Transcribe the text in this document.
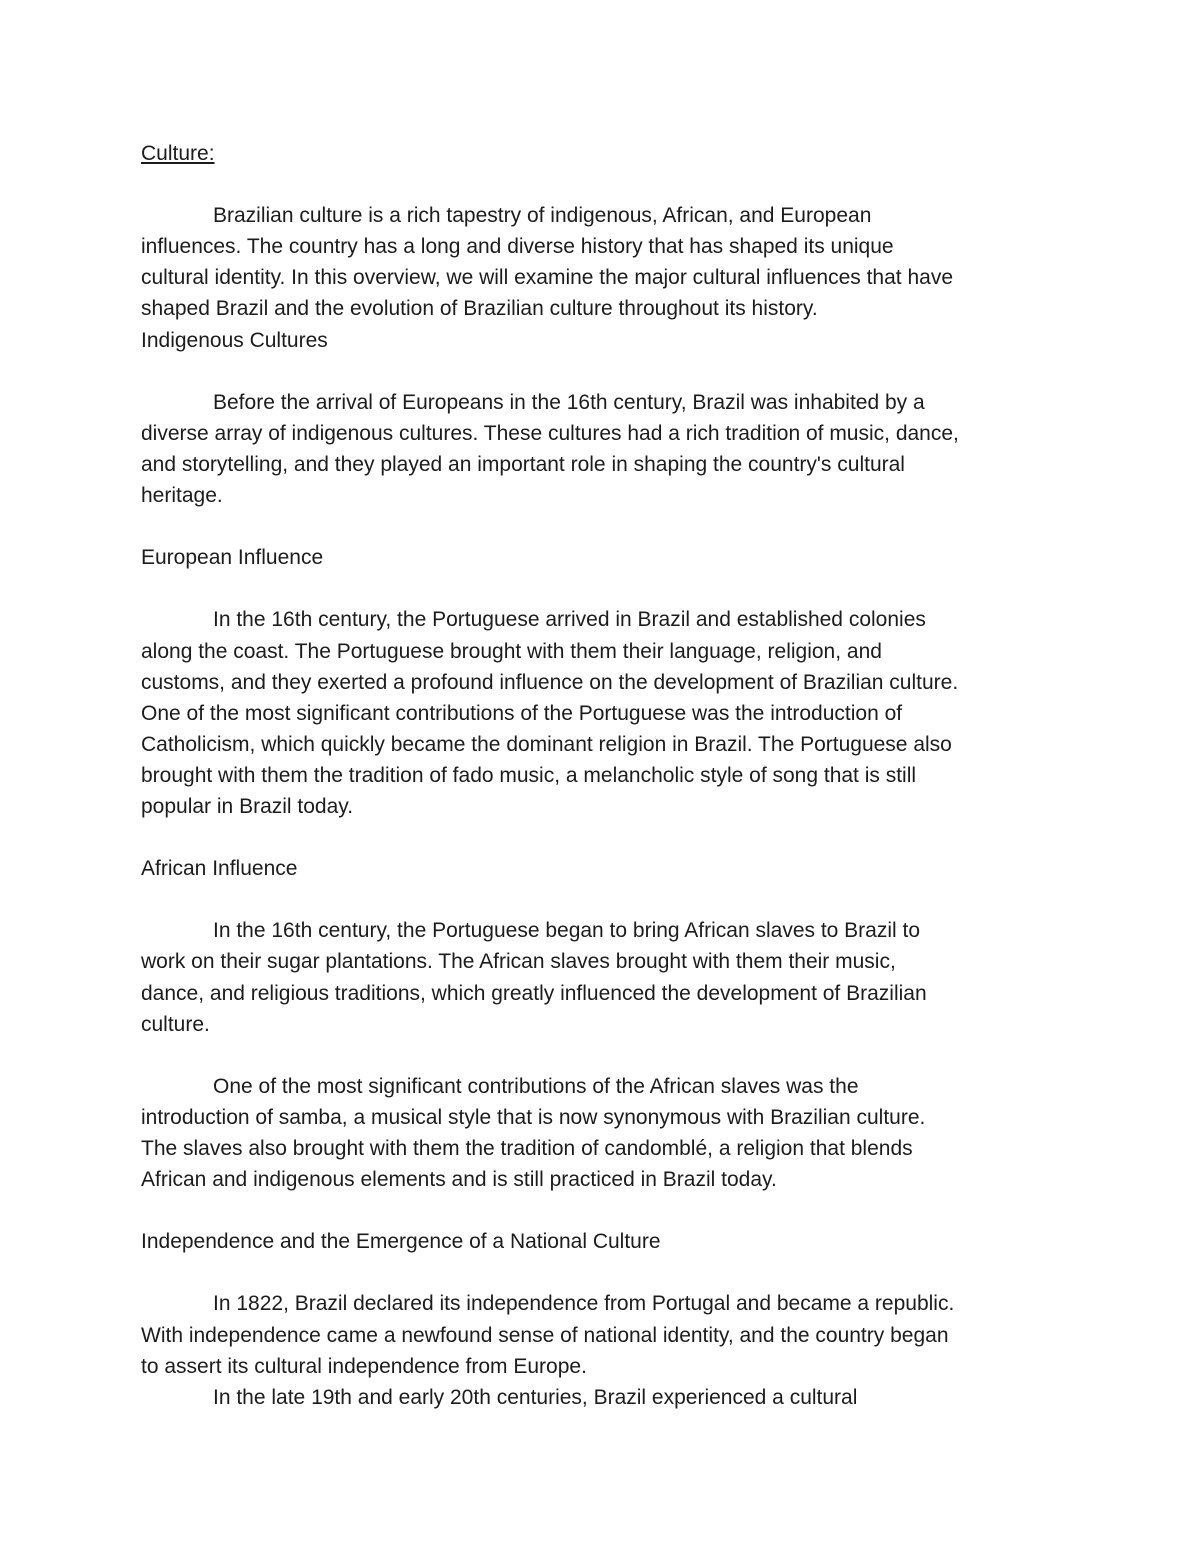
Culture:
Brazilian culture is a rich tapestry of indigenous, African, and European
influences. The country has a long and diverse history that has shaped its unique
cultural identity. In this overview, we will examine the major cultural influences that have
shaped Brazil and the evolution of Brazilian culture throughout its history.
Indigenous Cultures
Before the arrival of Europeans in the 16th century, Brazil was inhabited by a
diverse array of indigenous cultures. These cultures had a rich tradition of music, dance,
and storytelling, and they played an important role in shaping the country's cultural
heritage.
European Influence
In the 16th century, the Portuguese arrived in Brazil and established colonies
along the coast. The Portuguese brought with them their language, religion, and
customs, and they exerted a profound influence on the development of Brazilian culture.
One of the most significant contributions of the Portuguese was the introduction of
Catholicism, which quickly became the dominant religion in Brazil. The Portuguese also
brought with them the tradition of fado music, a melancholic style of song that is still
popular in Brazil today.
African Influence
In the 16th century, the Portuguese began to bring African slaves to Brazil to
work on their sugar plantations. The African slaves brought with them their music,
dance, and religious traditions, which greatly influenced the development of Brazilian
culture.
One of the most significant contributions of the African slaves was the
introduction of samba, a musical style that is now synonymous with Brazilian culture.
The slaves also brought with them the tradition of candomblé, a religion that blends
African and indigenous elements and is still practiced in Brazil today.
Independence and the Emergence of a National Culture
In 1822, Brazil declared its independence from Portugal and became a republic.
With independence came a newfound sense of national identity, and the country began
to assert its cultural independence from Europe.
In the late 19th and early 20th centuries, Brazil experienced a cultural
